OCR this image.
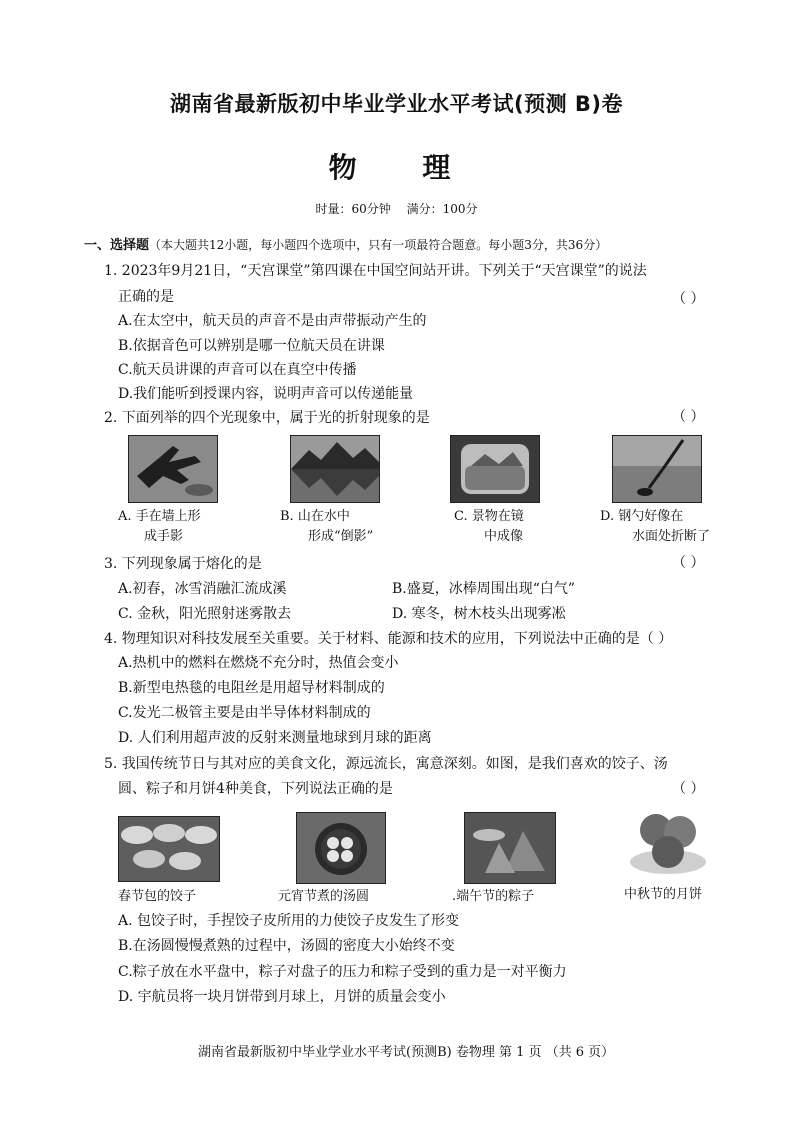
湖南省最新版初中毕业学业水平考试(预测 B)卷
物 理
时量：60分钟 满分：100分
一、选择题（本大题共12小题，每小题四个选项中，只有一项最符合题意。每小题3分，共36分）
1. 2023年9月21日，“天宫课堂”第四课在中国空间站开讲。下列关于“天宫课堂”的说法
正确的是	（ ）
A.在太空中，航天员的声音不是由声带振动产生的
B.依据音色可以辨别是哪一位航天员在讲课
C.航天员讲课的声音可以在真空中传播
D.我们能听到授课内容，说明声音可以传递能量
2. 下面列举的四个光现象中，属于光的折射现象的是	（ ）
A. 手在墙上形
成手影
B. 山在水中
形成“倒影”
C. 景物在镜
中成像
D. 钢勺好像在
水面处折断了
3. 下列现象属于熔化的是	（ ）
A.初春，冰雪消融汇流成溪	B.盛夏，冰棒周围出现“白气”
C. 金秋，阳光照射迷雾散去	D. 寒冬，树木枝头出现雾凇
4. 物理知识对科技发展至关重要。关于材料、能源和技术的应用，下列说法中正确的是（ ）
A.热机中的燃料在燃烧不充分时，热值会变小
B.新型电热毯的电阻丝是用超导材料制成的
C.发光二极管主要是由半导体材料制成的
D. 人们利用超声波的反射来测量地球到月球的距离
5. 我国传统节日与其对应的美食文化，源远流长，寓意深刻。如图，是我们喜欢的饺子、汤
圆、粽子和月饼4种美食，下列说法正确的是	（ ）
春节包的饺子	元宵节煮的汤圆	.端午节的粽子	中秋节的月饼
A. 包饺子时，手捏饺子皮所用的力使饺子皮发生了形变
B.在汤圆慢慢煮熟的过程中，汤圆的密度大小始终不变
C.粽子放在水平盘中，粽子对盘子的压力和粽子受到的重力是一对平衡力
D. 宇航员将一块月饼带到月球上，月饼的质量会变小
湖南省最新版初中毕业学业水平考试(预测B) 卷物理 第 1 页 （共 6 页）
